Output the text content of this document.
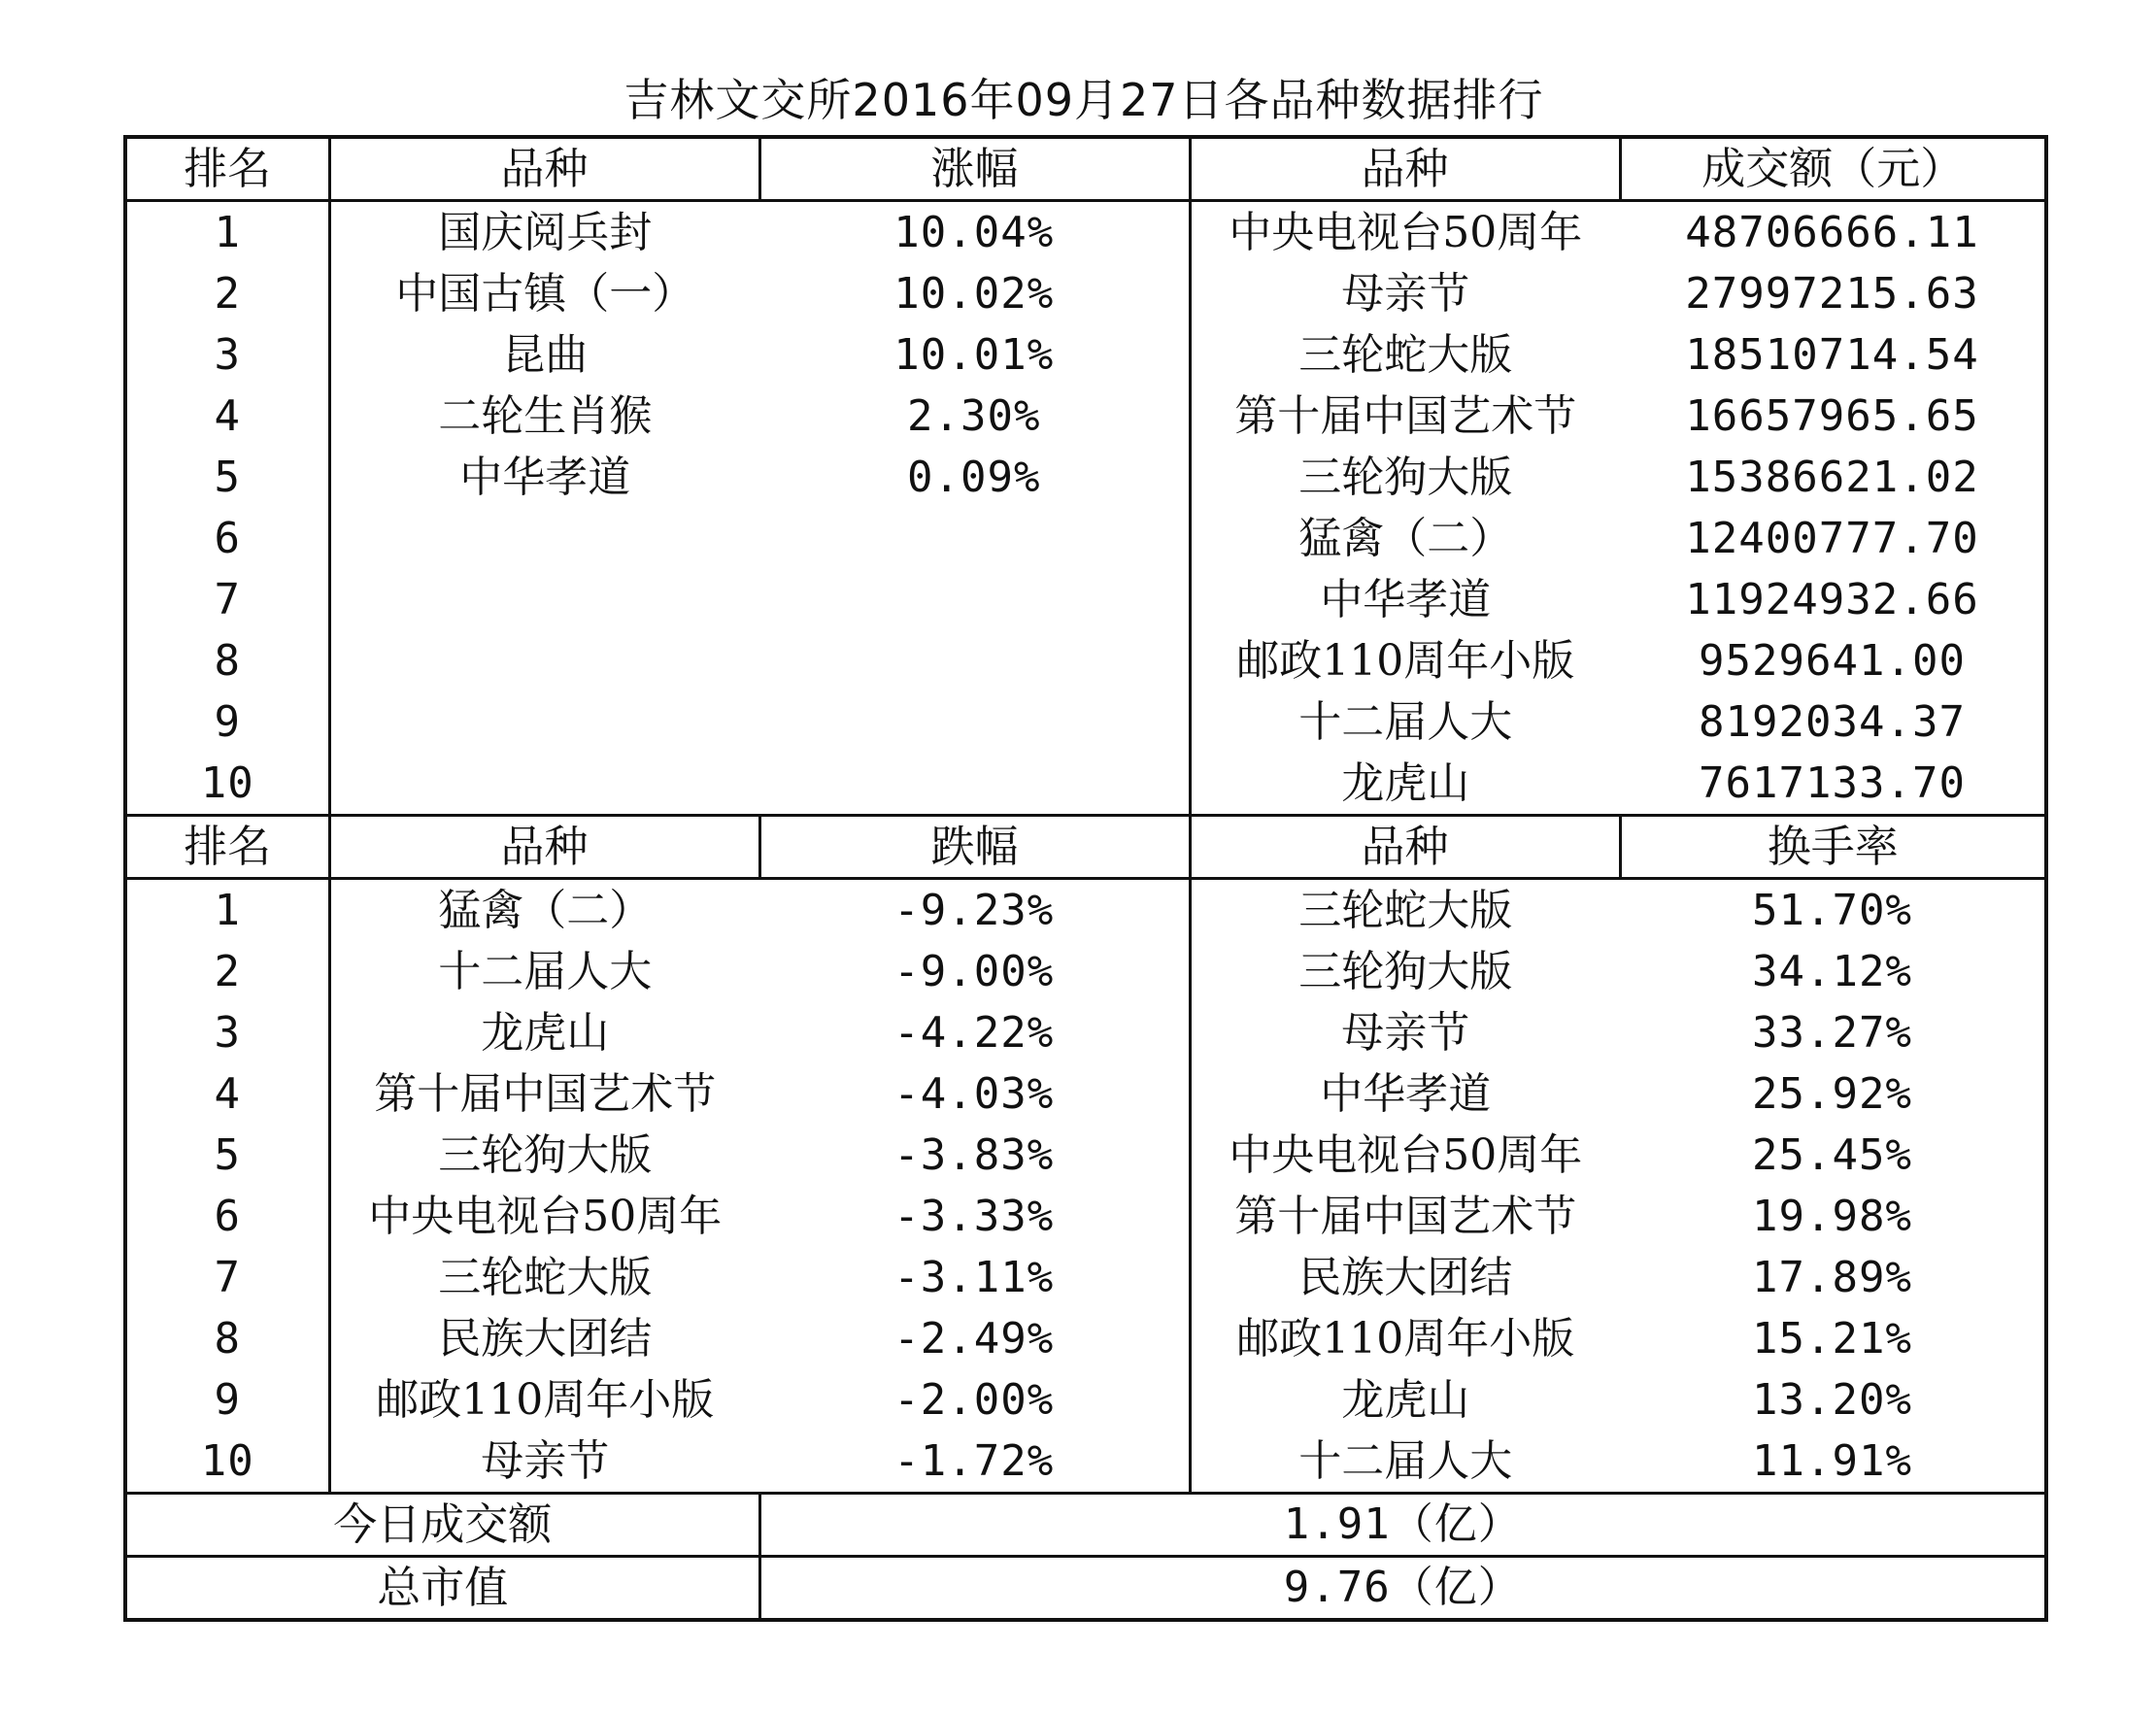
吉林文交所2016年09月27日各品种数据排行
排名	品种	涨幅	品种	成交额（元）
1	国庆阅兵封	10.04%	中央电视台50周年	48706666.11
2	中国古镇（一）	10.02%	母亲节	27997215.63
3	昆曲	10.01%	三轮蛇大版	18510714.54
4	二轮生肖猴	2.30%	第十届中国艺术节	16657965.65
5	中华孝道	0.09%	三轮狗大版	15386621.02
6			猛禽（二）	12400777.70
7			中华孝道	11924932.66
8			邮政110周年小版	9529641.00
9			十二届人大	8192034.37
10			龙虎山	7617133.70
排名	品种	跌幅	品种	换手率
1	猛禽（二）	-9.23%	三轮蛇大版	51.70%
2	十二届人大	-9.00%	三轮狗大版	34.12%
3	龙虎山	-4.22%	母亲节	33.27%
4	第十届中国艺术节	-4.03%	中华孝道	25.92%
5	三轮狗大版	-3.83%	中央电视台50周年	25.45%
6	中央电视台50周年	-3.33%	第十届中国艺术节	19.98%
7	三轮蛇大版	-3.11%	民族大团结	17.89%
8	民族大团结	-2.49%	邮政110周年小版	15.21%
9	邮政110周年小版	-2.00%	龙虎山	13.20%
10	母亲节	-1.72%	十二届人大	11.91%
今日成交额		1.91（亿）		
总市值		9.76（亿）		
